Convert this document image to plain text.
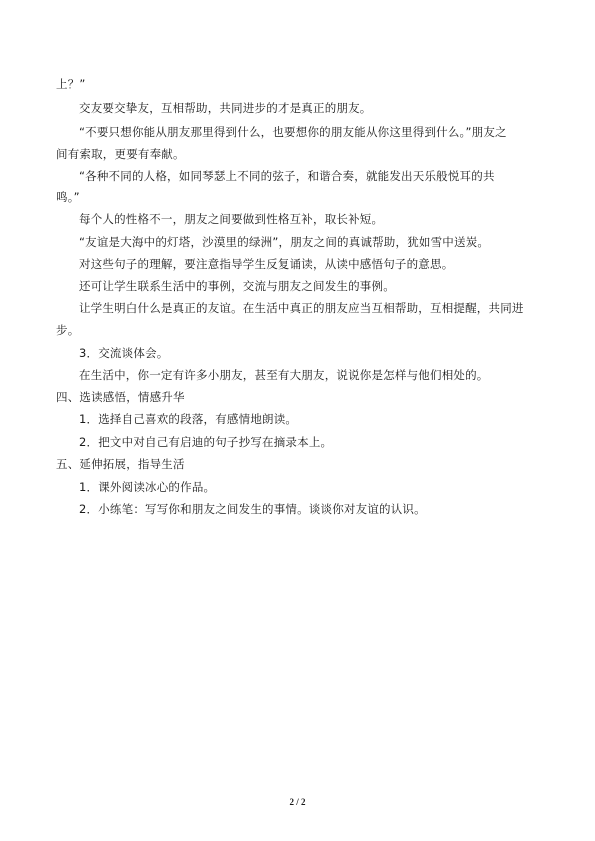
上？”
交友要交挚友，互相帮助，共同进步的才是真正的朋友。
“不要只想你能从朋友那里得到什么，也要想你的朋友能从你这里得到什么。”朋友之
间有索取，更要有奉献。
“各种不同的人格，如同琴瑟上不同的弦子，和谐合奏，就能发出天乐般悦耳的共
鸣。”
每个人的性格不一，朋友之间要做到性格互补，取长补短。
“友谊是大海中的灯塔，沙漠里的绿洲”，朋友之间的真诚帮助，犹如雪中送炭。
对这些句子的理解，要注意指导学生反复诵读，从读中感悟句子的意思。
还可让学生联系生活中的事例，交流与朋友之间发生的事例。
让学生明白什么是真正的友谊。在生活中真正的朋友应当互相帮助，互相提醒，共同进
步。
3．交流谈体会。
在生活中，你一定有许多小朋友，甚至有大朋友，说说你是怎样与他们相处的。
四、选读感悟，情感升华
1．选择自己喜欢的段落，有感情地朗读。
2．把文中对自己有启迪的句子抄写在摘录本上。
五、延伸拓展，指导生活
1．课外阅读冰心的作品。
2．小练笔：写写你和朋友之间发生的事情。谈谈你对友谊的认识。
2 / 2
